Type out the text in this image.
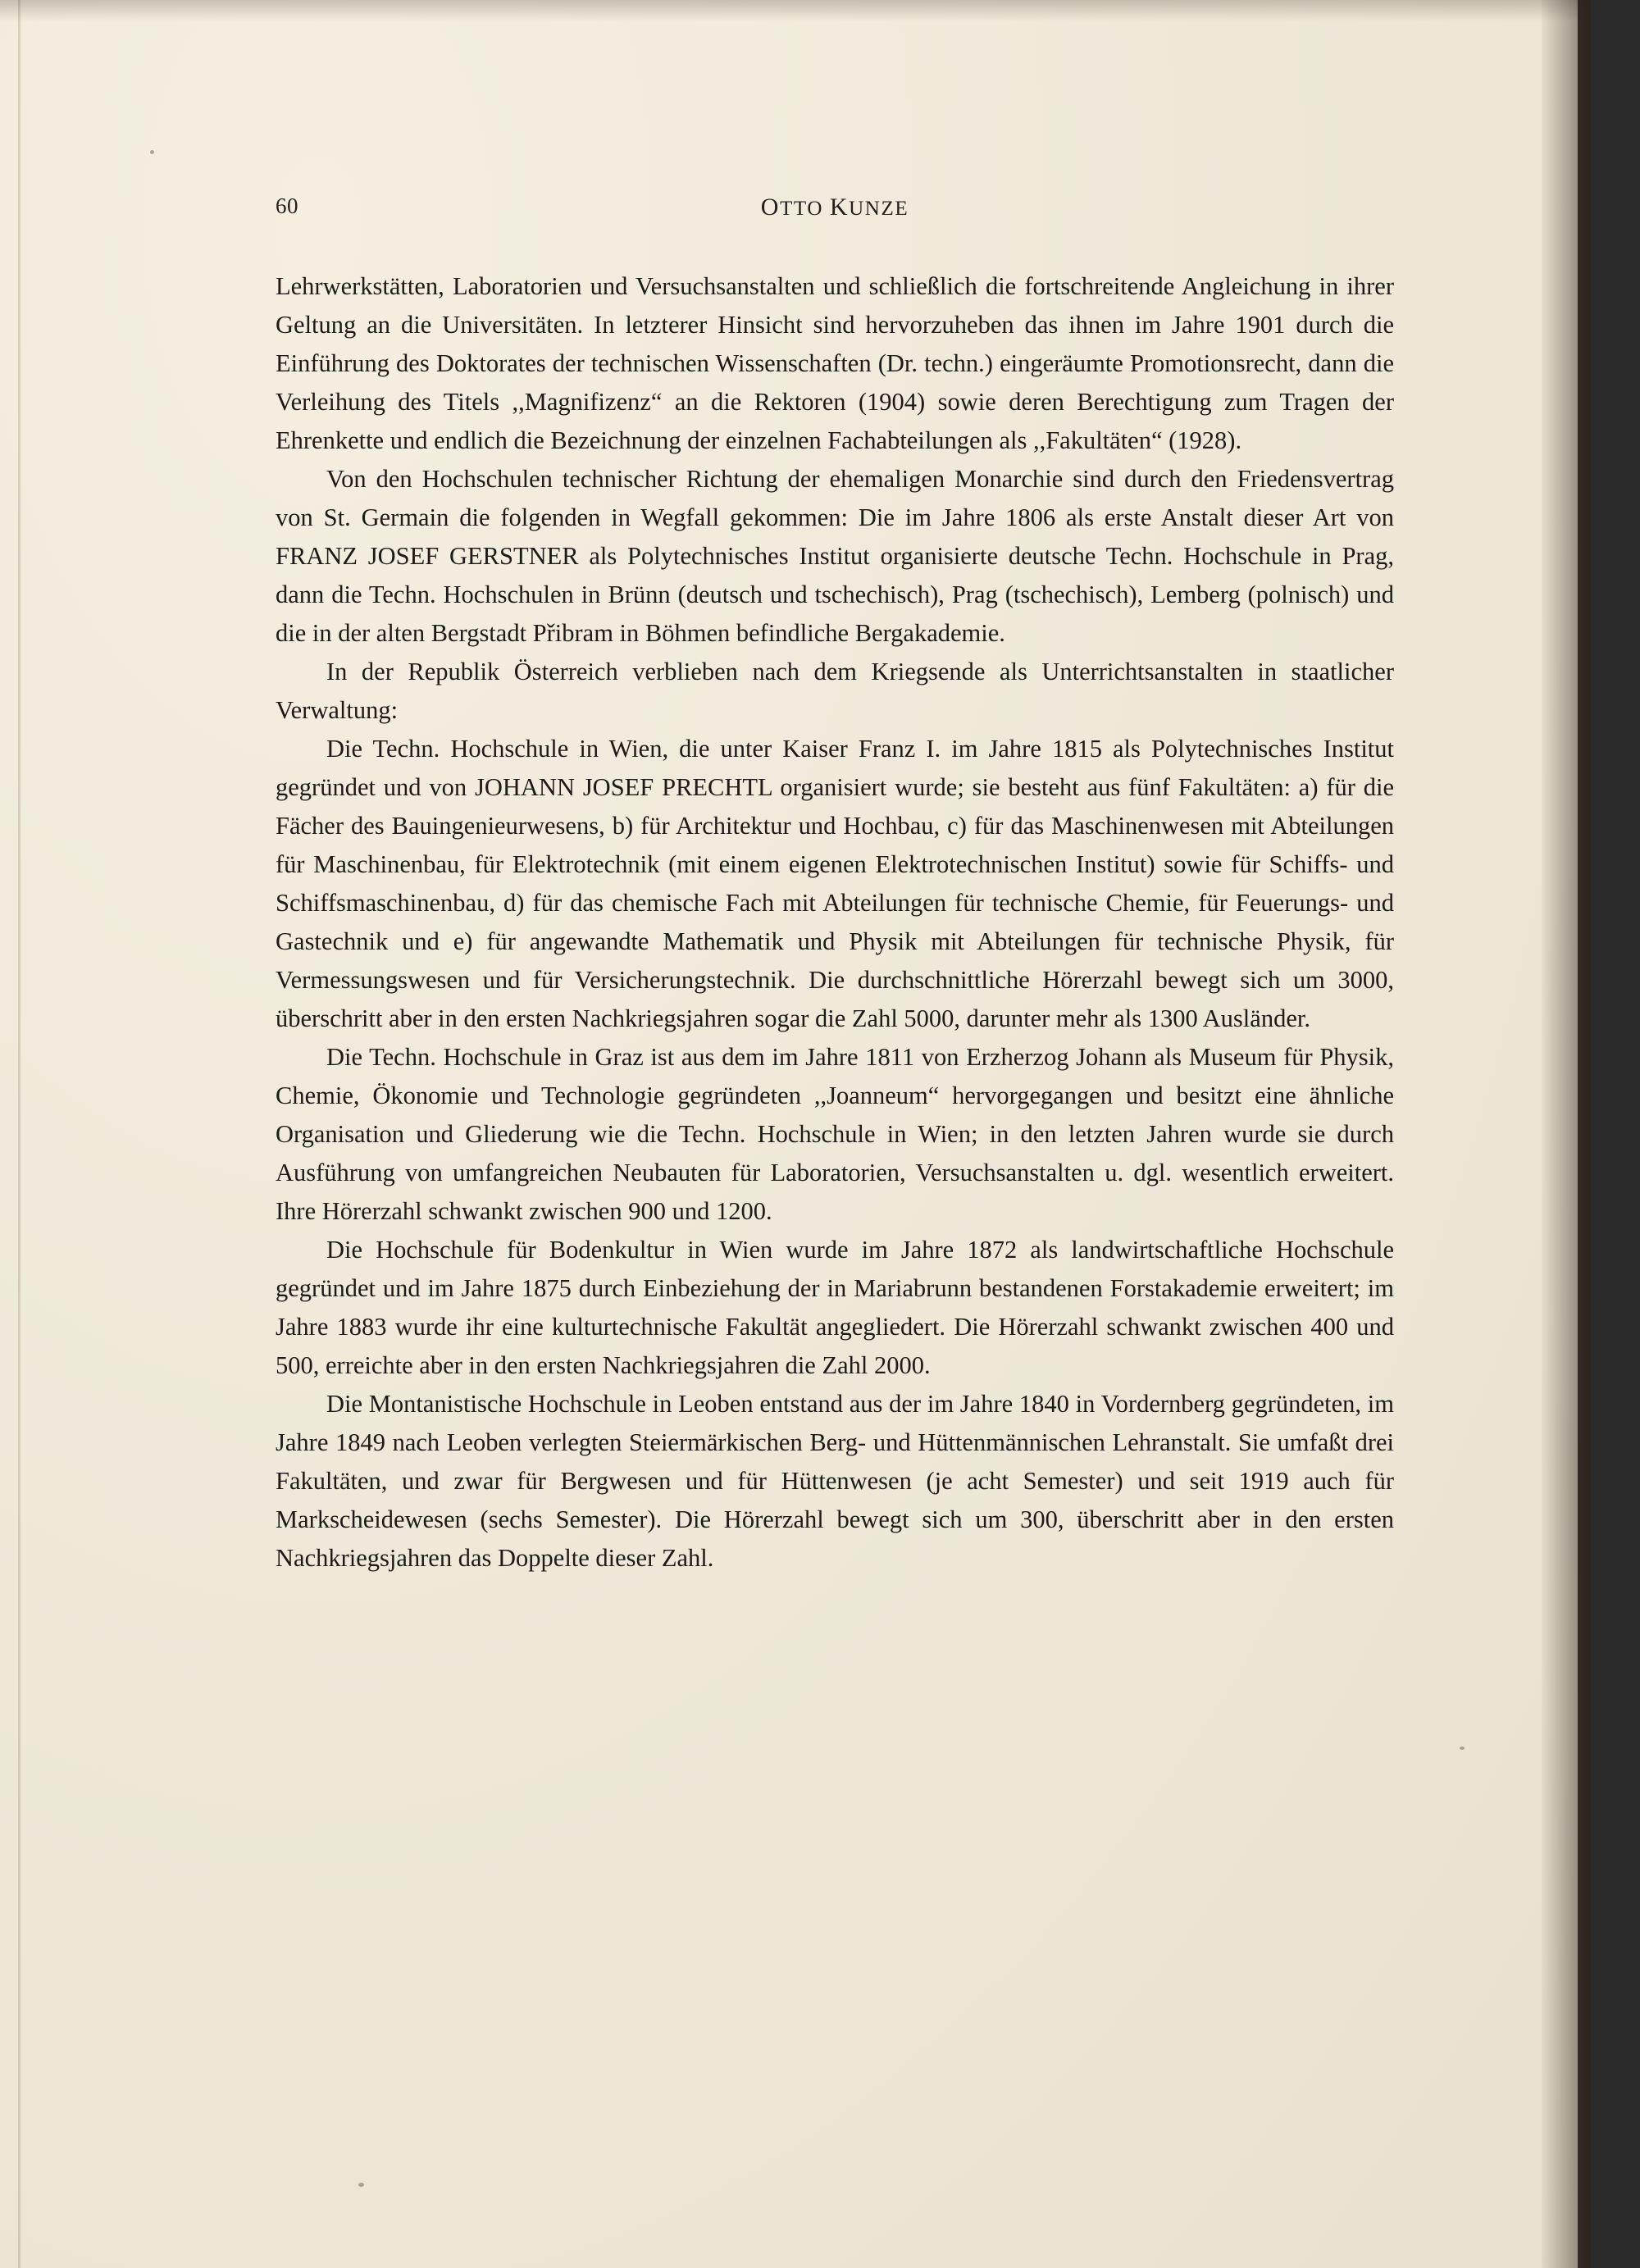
60	OTTO KUNZE

Lehrwerkstätten, Laboratorien und Versuchsanstalten und schließlich die fortschreitende Angleichung in ihrer Geltung an die Universitäten. In letzterer Hinsicht sind hervorzuheben das ihnen im Jahre 1901 durch die Einführung des Doktorates der technischen Wissenschaften (Dr. techn.) eingeräumte Promotionsrecht, dann die Verleihung des Titels ,,Magnifizenz“ an die Rektoren (1904) sowie deren Berechtigung zum Tragen der Ehrenkette und endlich die Bezeichnung der einzelnen Fachabteilungen als ,,Fakultäten“ (1928).

Von den Hochschulen technischer Richtung der ehemaligen Monarchie sind durch den Friedensvertrag von St. Germain die folgenden in Wegfall gekommen: Die im Jahre 1806 als erste Anstalt dieser Art von FRANZ JOSEF GERSTNER als Polytechnisches Institut organisierte deutsche Techn. Hochschule in Prag, dann die Techn. Hochschulen in Brünn (deutsch und tschechisch), Prag (tschechisch), Lemberg (polnisch) und die in der alten Bergstadt Přibram in Böhmen befindliche Bergakademie.

In der Republik Österreich verblieben nach dem Kriegsende als Unterrichtsanstalten in staatlicher Verwaltung:

Die Techn. Hochschule in Wien, die unter Kaiser Franz I. im Jahre 1815 als Polytechnisches Institut gegründet und von JOHANN JOSEF PRECHTL organisiert wurde; sie besteht aus fünf Fakultäten: a) für die Fächer des Bauingenieurwesens, b) für Architektur und Hochbau, c) für das Maschinenwesen mit Abteilungen für Maschinenbau, für Elektrotechnik (mit einem eigenen Elektrotechnischen Institut) sowie für Schiffs- und Schiffsmaschinenbau, d) für das chemische Fach mit Abteilungen für technische Chemie, für Feuerungs- und Gastechnik und e) für angewandte Mathematik und Physik mit Abteilungen für technische Physik, für Vermessungswesen und für Versicherungstechnik. Die durchschnittliche Hörerzahl bewegt sich um 3000, überschritt aber in den ersten Nachkriegsjahren sogar die Zahl 5000, darunter mehr als 1300 Ausländer.

Die Techn. Hochschule in Graz ist aus dem im Jahre 1811 von Erzherzog Johann als Museum für Physik, Chemie, Ökonomie und Technologie gegründeten ,,Joanneum“ hervorgegangen und besitzt eine ähnliche Organisation und Gliederung wie die Techn. Hochschule in Wien; in den letzten Jahren wurde sie durch Ausführung von umfangreichen Neubauten für Laboratorien, Versuchsanstalten u. dgl. wesentlich erweitert. Ihre Hörerzahl schwankt zwischen 900 und 1200.

Die Hochschule für Bodenkultur in Wien wurde im Jahre 1872 als landwirtschaftliche Hochschule gegründet und im Jahre 1875 durch Einbeziehung der in Mariabrunn bestandenen Forstakademie erweitert; im Jahre 1883 wurde ihr eine kulturtechnische Fakultät angegliedert. Die Hörerzahl schwankt zwischen 400 und 500, erreichte aber in den ersten Nachkriegsjahren die Zahl 2000.

Die Montanistische Hochschule in Leoben entstand aus der im Jahre 1840 in Vordernberg gegründeten, im Jahre 1849 nach Leoben verlegten Steiermärkischen Berg- und Hüttenmännischen Lehranstalt. Sie umfaßt drei Fakultäten, und zwar für Bergwesen und für Hüttenwesen (je acht Semester) und seit 1919 auch für Markscheidewesen (sechs Semester). Die Hörerzahl bewegt sich um 300, überschritt aber in den ersten Nachkriegsjahren das Doppelte dieser Zahl.
